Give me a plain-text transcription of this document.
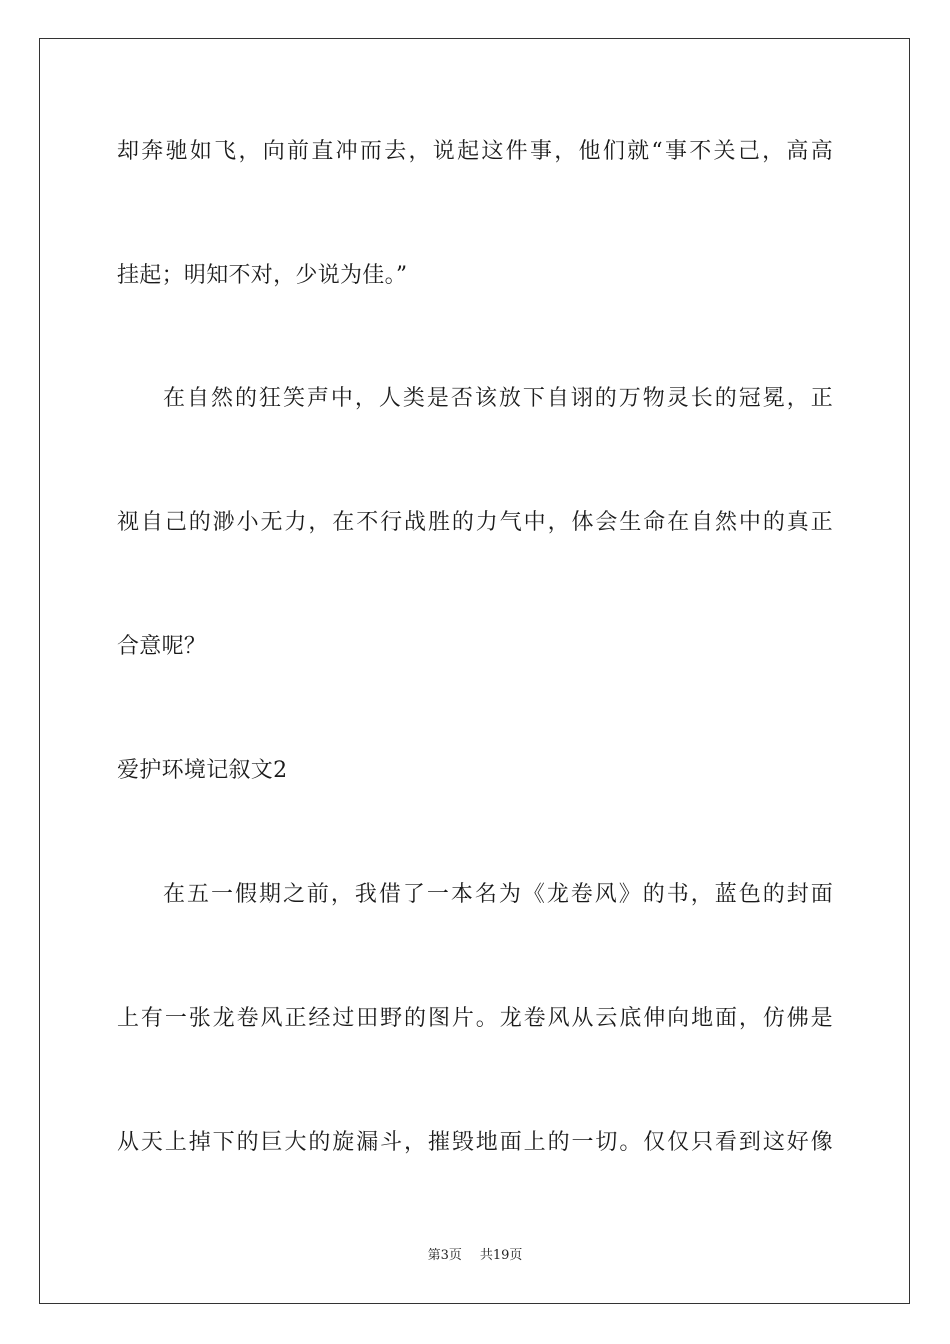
却奔驰如飞，向前直冲而去，说起这件事，他们就“事不关己，高高
挂起；明知不对，少说为佳。”
在自然的狂笑声中，人类是否该放下自诩的万物灵长的冠冕，正
视自己的渺小无力，在不行战胜的力气中，体会生命在自然中的真正
合意呢？
爱护环境记叙文2
在五一假期之前，我借了一本名为《龙卷风》的书，蓝色的封面
上有一张龙卷风正经过田野的图片。龙卷风从云底伸向地面，仿佛是
从天上掉下的巨大的旋漏斗，摧毁地面上的一切。仅仅只看到这好像
第3页 共19页
